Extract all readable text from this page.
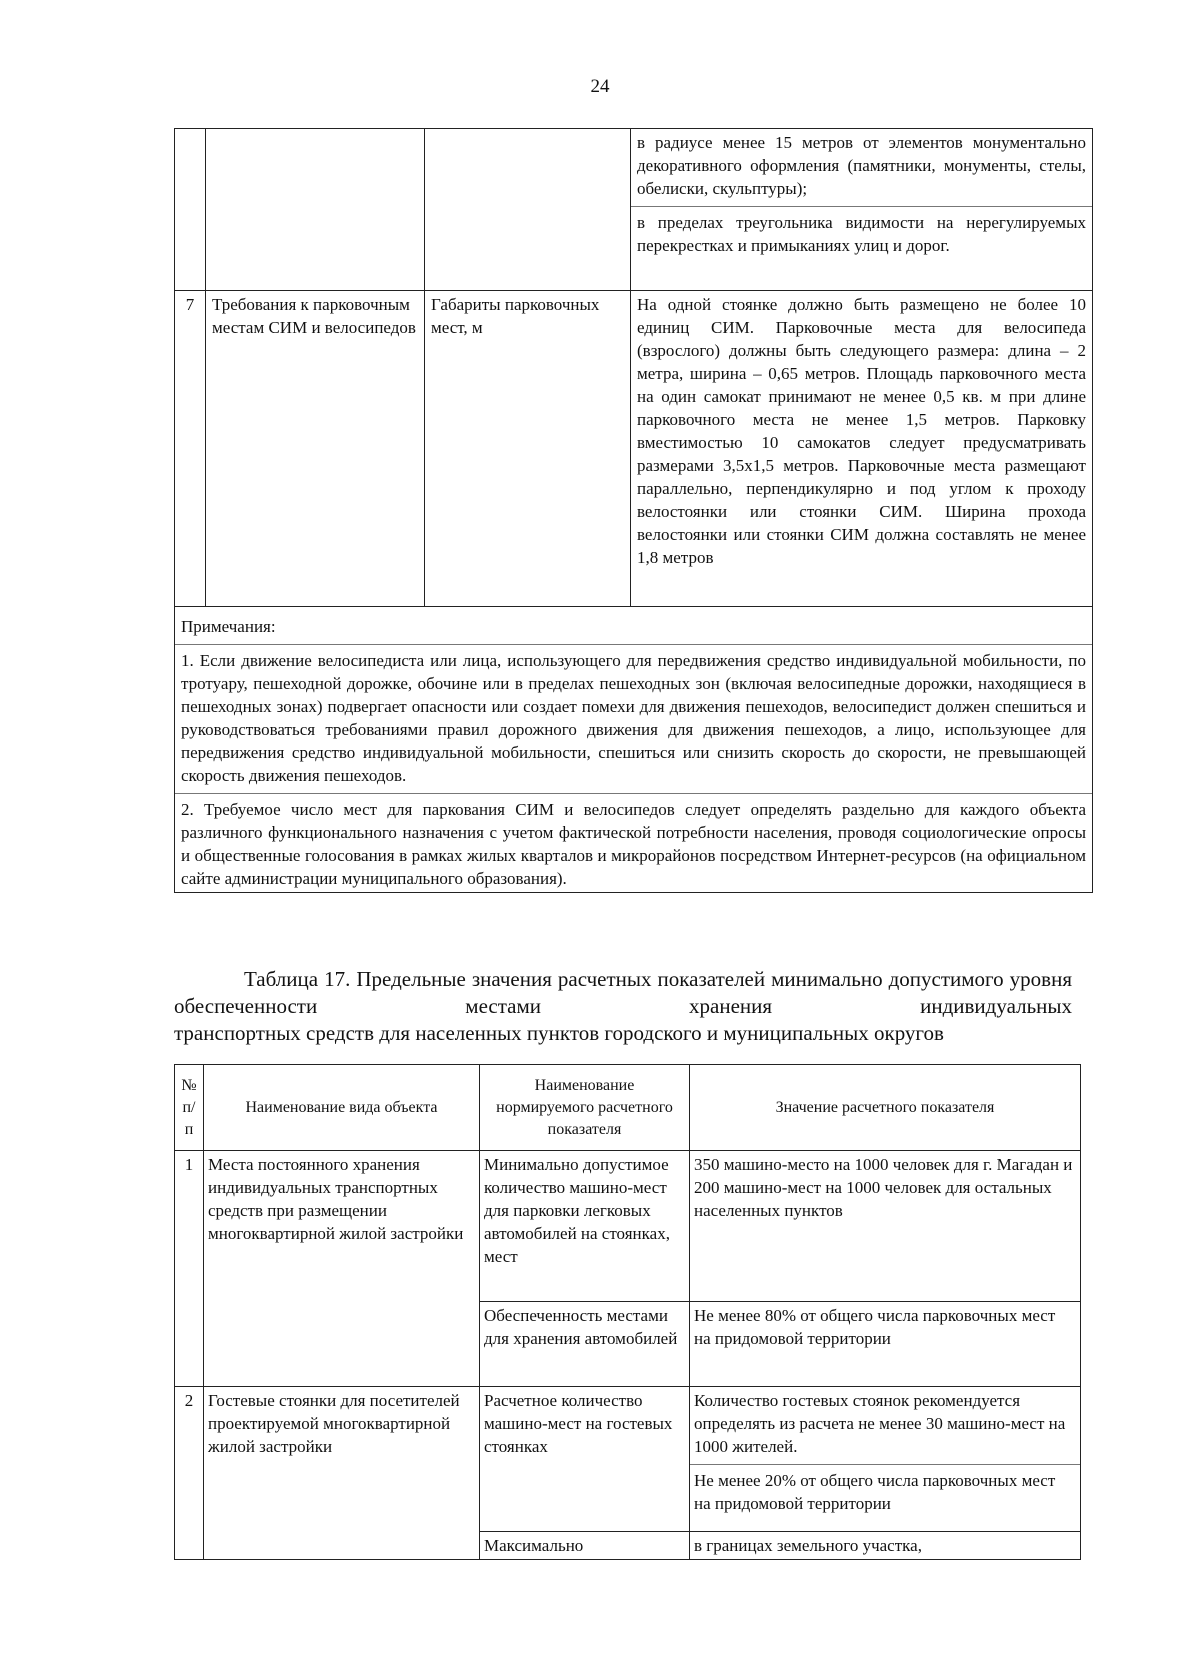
24

			в радиусе менее 15 метров от элементов монументально декоративного оформления (памятники, монументы, стелы, обелиски, скульптуры);
в пределах треугольника видимости на нерегулируемых перекрестках и примыканиях улиц и дорог.

7	Требования к парковочным местам СИМ и велосипедов	Габариты парковочных мест, м	На одной стоянке должно быть размещено не более 10 единиц СИМ. Парковочные места для велосипеда (взрослого) должны быть следующего размера: длина – 2 метра, ширина – 0,65 метров. Площадь парковочного места на один самокат принимают не менее 0,5 кв. м при длине парковочного места не менее 1,5 метров. Парковку вместимостью 10 самокатов следует предусматривать размерами 3,5х1,5 метров. Парковочные места размещают параллельно, перпендикулярно и под углом к проходу велостоянки или стоянки СИМ. Ширина прохода велостоянки или стоянки СИМ должна составлять не менее 1,8 метров

Примечания:
1. Если движение велосипедиста или лица, использующего для передвижения средство индивидуальной мобильности, по тротуару, пешеходной дорожке, обочине или в пределах пешеходных зон (включая велосипедные дорожки, находящиеся в пешеходных зонах) подвергает опасности или создает помехи для движения пешеходов, велосипедист должен спешиться и руководствоваться требованиями правил дорожного движения для движения пешеходов, а лицо, использующее для передвижения средство индивидуальной мобильности, спешиться или снизить скорость до скорости, не превышающей скорость движения пешеходов.
2. Требуемое число мест для паркования СИМ и велосипедов следует определять раздельно для каждого объекта различного функционального назначения с учетом фактической потребности населения, проводя социологические опросы и общественные голосования в рамках жилых кварталов и микрорайонов посредством Интернет-ресурсов (на официальном сайте администрации муниципального образования).			
Таблица 17. Предельные значения расчетных показателей минимально допустимого уровня обеспеченности местами хранения индивидуальных
транспортных средств для населенных пунктов городского и муниципальных округов
№ п/п	Наименование вида объекта	Наименование нормируемого расчетного показателя	Значение расчетного показателя
1	Места постоянного хранения индивидуальных транспортных средств при размещении многоквартирной жилой застройки	Минимально допустимое количество машино-мест для парковки легковых автомобилей на стоянках, мест	350 машино-место на 1000 человек для г. Магадан и 200 машино-мест на 1000 человек для остальных населенных пунктов
		Обеспеченность местами для хранения автомобилей	Не менее 80% от общего числа парковочных мест на придомовой территории
2	Гостевые стоянки для посетителей проектируемой многоквартирной жилой застройки	Расчетное количество машино-мест на гостевых стоянках	Количество гостевых стоянок рекомендуется определять из расчета не менее 30 машино-мест на 1000 жителей.
Не менее 20% от общего числа парковочных мест на придомовой территории

		Максимально	в границах земельного участка,
